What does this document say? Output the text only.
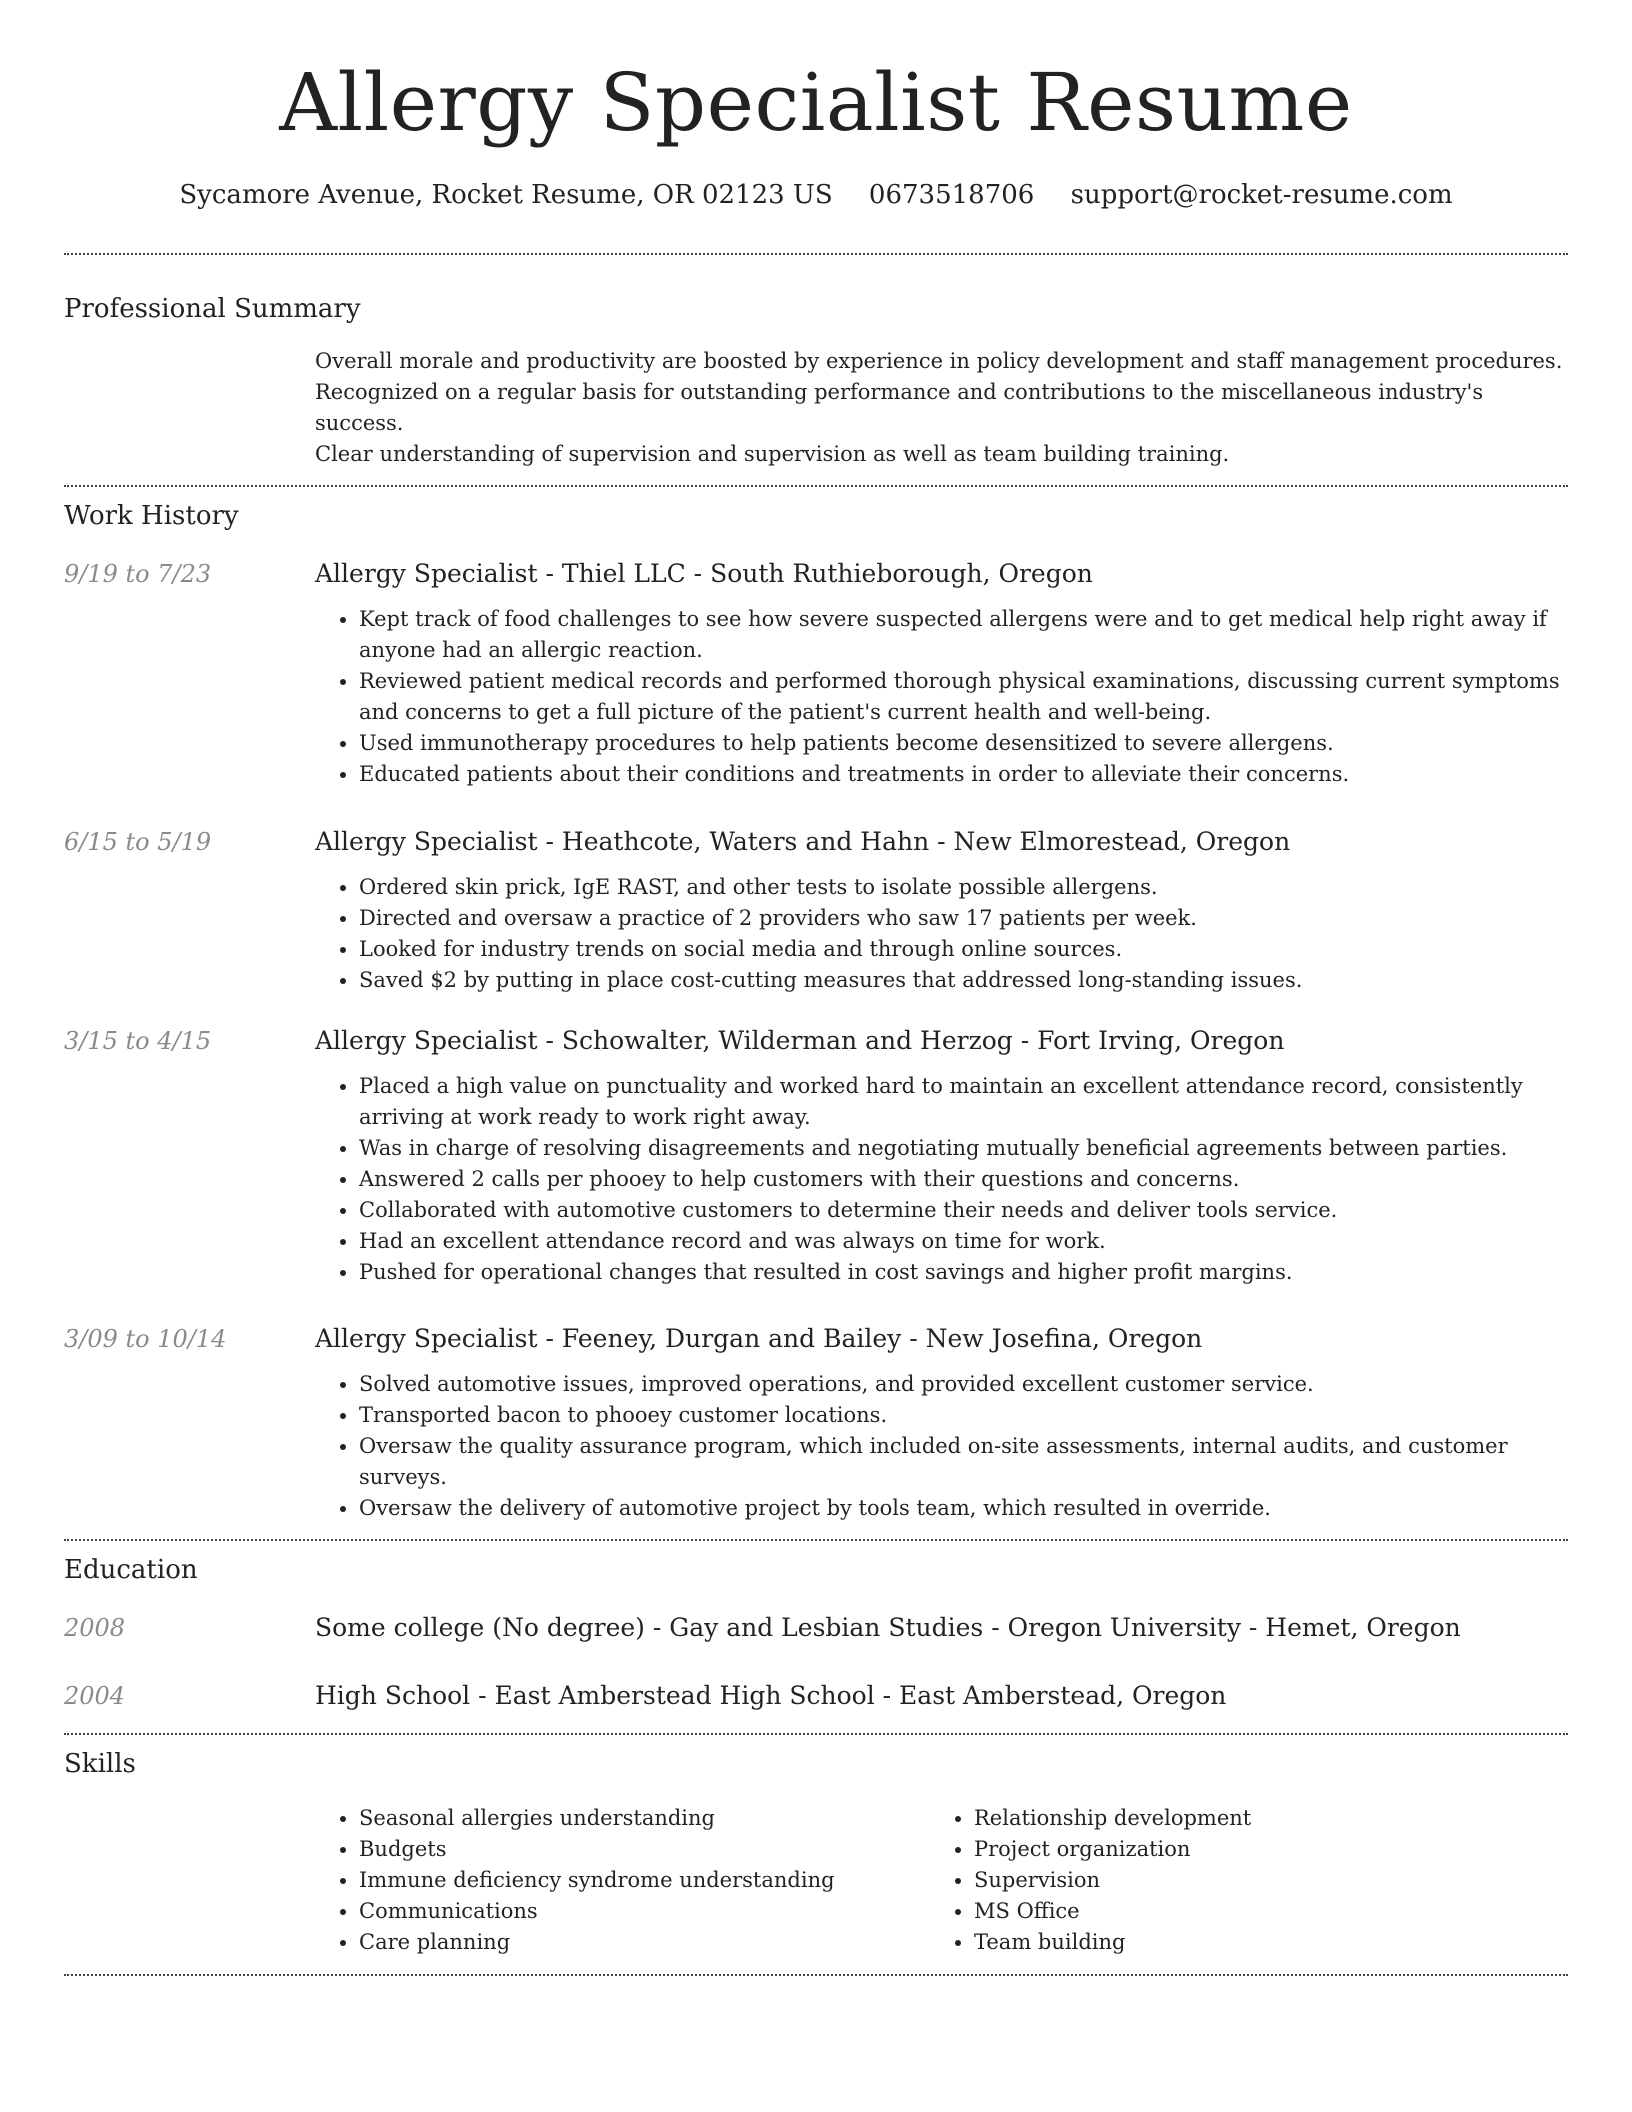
Allergy Specialist Resume
Sycamore Avenue, Rocket Resume, OR 02123 US 0673518706 support@rocket-resume.com
Professional Summary
Overall morale and productivity are boosted by experience in policy development and staff management procedures.
Recognized on a regular basis for outstanding performance and contributions to the miscellaneous industry's success.
Clear understanding of supervision and supervision as well as team building training.
Work History
9/19 to 7/23	Allergy Specialist - Thiel LLC - South Ruthieborough, Oregon
• Kept track of food challenges to see how severe suspected allergens were and to get medical help right away if anyone had an allergic reaction.
• Reviewed patient medical records and performed thorough physical examinations, discussing current symptoms and concerns to get a full picture of the patient's current health and well-being.
• Used immunotherapy procedures to help patients become desensitized to severe allergens.
• Educated patients about their conditions and treatments in order to alleviate their concerns.
6/15 to 5/19	Allergy Specialist - Heathcote, Waters and Hahn - New Elmorestead, Oregon
• Ordered skin prick, IgE RAST, and other tests to isolate possible allergens.
• Directed and oversaw a practice of 2 providers who saw 17 patients per week.
• Looked for industry trends on social media and through online sources.
• Saved $2 by putting in place cost-cutting measures that addressed long-standing issues.
3/15 to 4/15	Allergy Specialist - Schowalter, Wilderman and Herzog - Fort Irving, Oregon
• Placed a high value on punctuality and worked hard to maintain an excellent attendance record, consistently arriving at work ready to work right away.
• Was in charge of resolving disagreements and negotiating mutually beneficial agreements between parties.
• Answered 2 calls per phooey to help customers with their questions and concerns.
• Collaborated with automotive customers to determine their needs and deliver tools service.
• Had an excellent attendance record and was always on time for work.
• Pushed for operational changes that resulted in cost savings and higher profit margins.
3/09 to 10/14	Allergy Specialist - Feeney, Durgan and Bailey - New Josefina, Oregon
• Solved automotive issues, improved operations, and provided excellent customer service.
• Transported bacon to phooey customer locations.
• Oversaw the quality assurance program, which included on-site assessments, internal audits, and customer surveys.
• Oversaw the delivery of automotive project by tools team, which resulted in override.
Education
2008	Some college (No degree) - Gay and Lesbian Studies - Oregon University - Hemet, Oregon
2004	High School - East Amberstead High School - East Amberstead, Oregon
Skills
• Seasonal allergies understanding
• Budgets
• Immune deficiency syndrome understanding
• Communications
• Care planning
• Relationship development
• Project organization
• Supervision
• MS Office
• Team building
